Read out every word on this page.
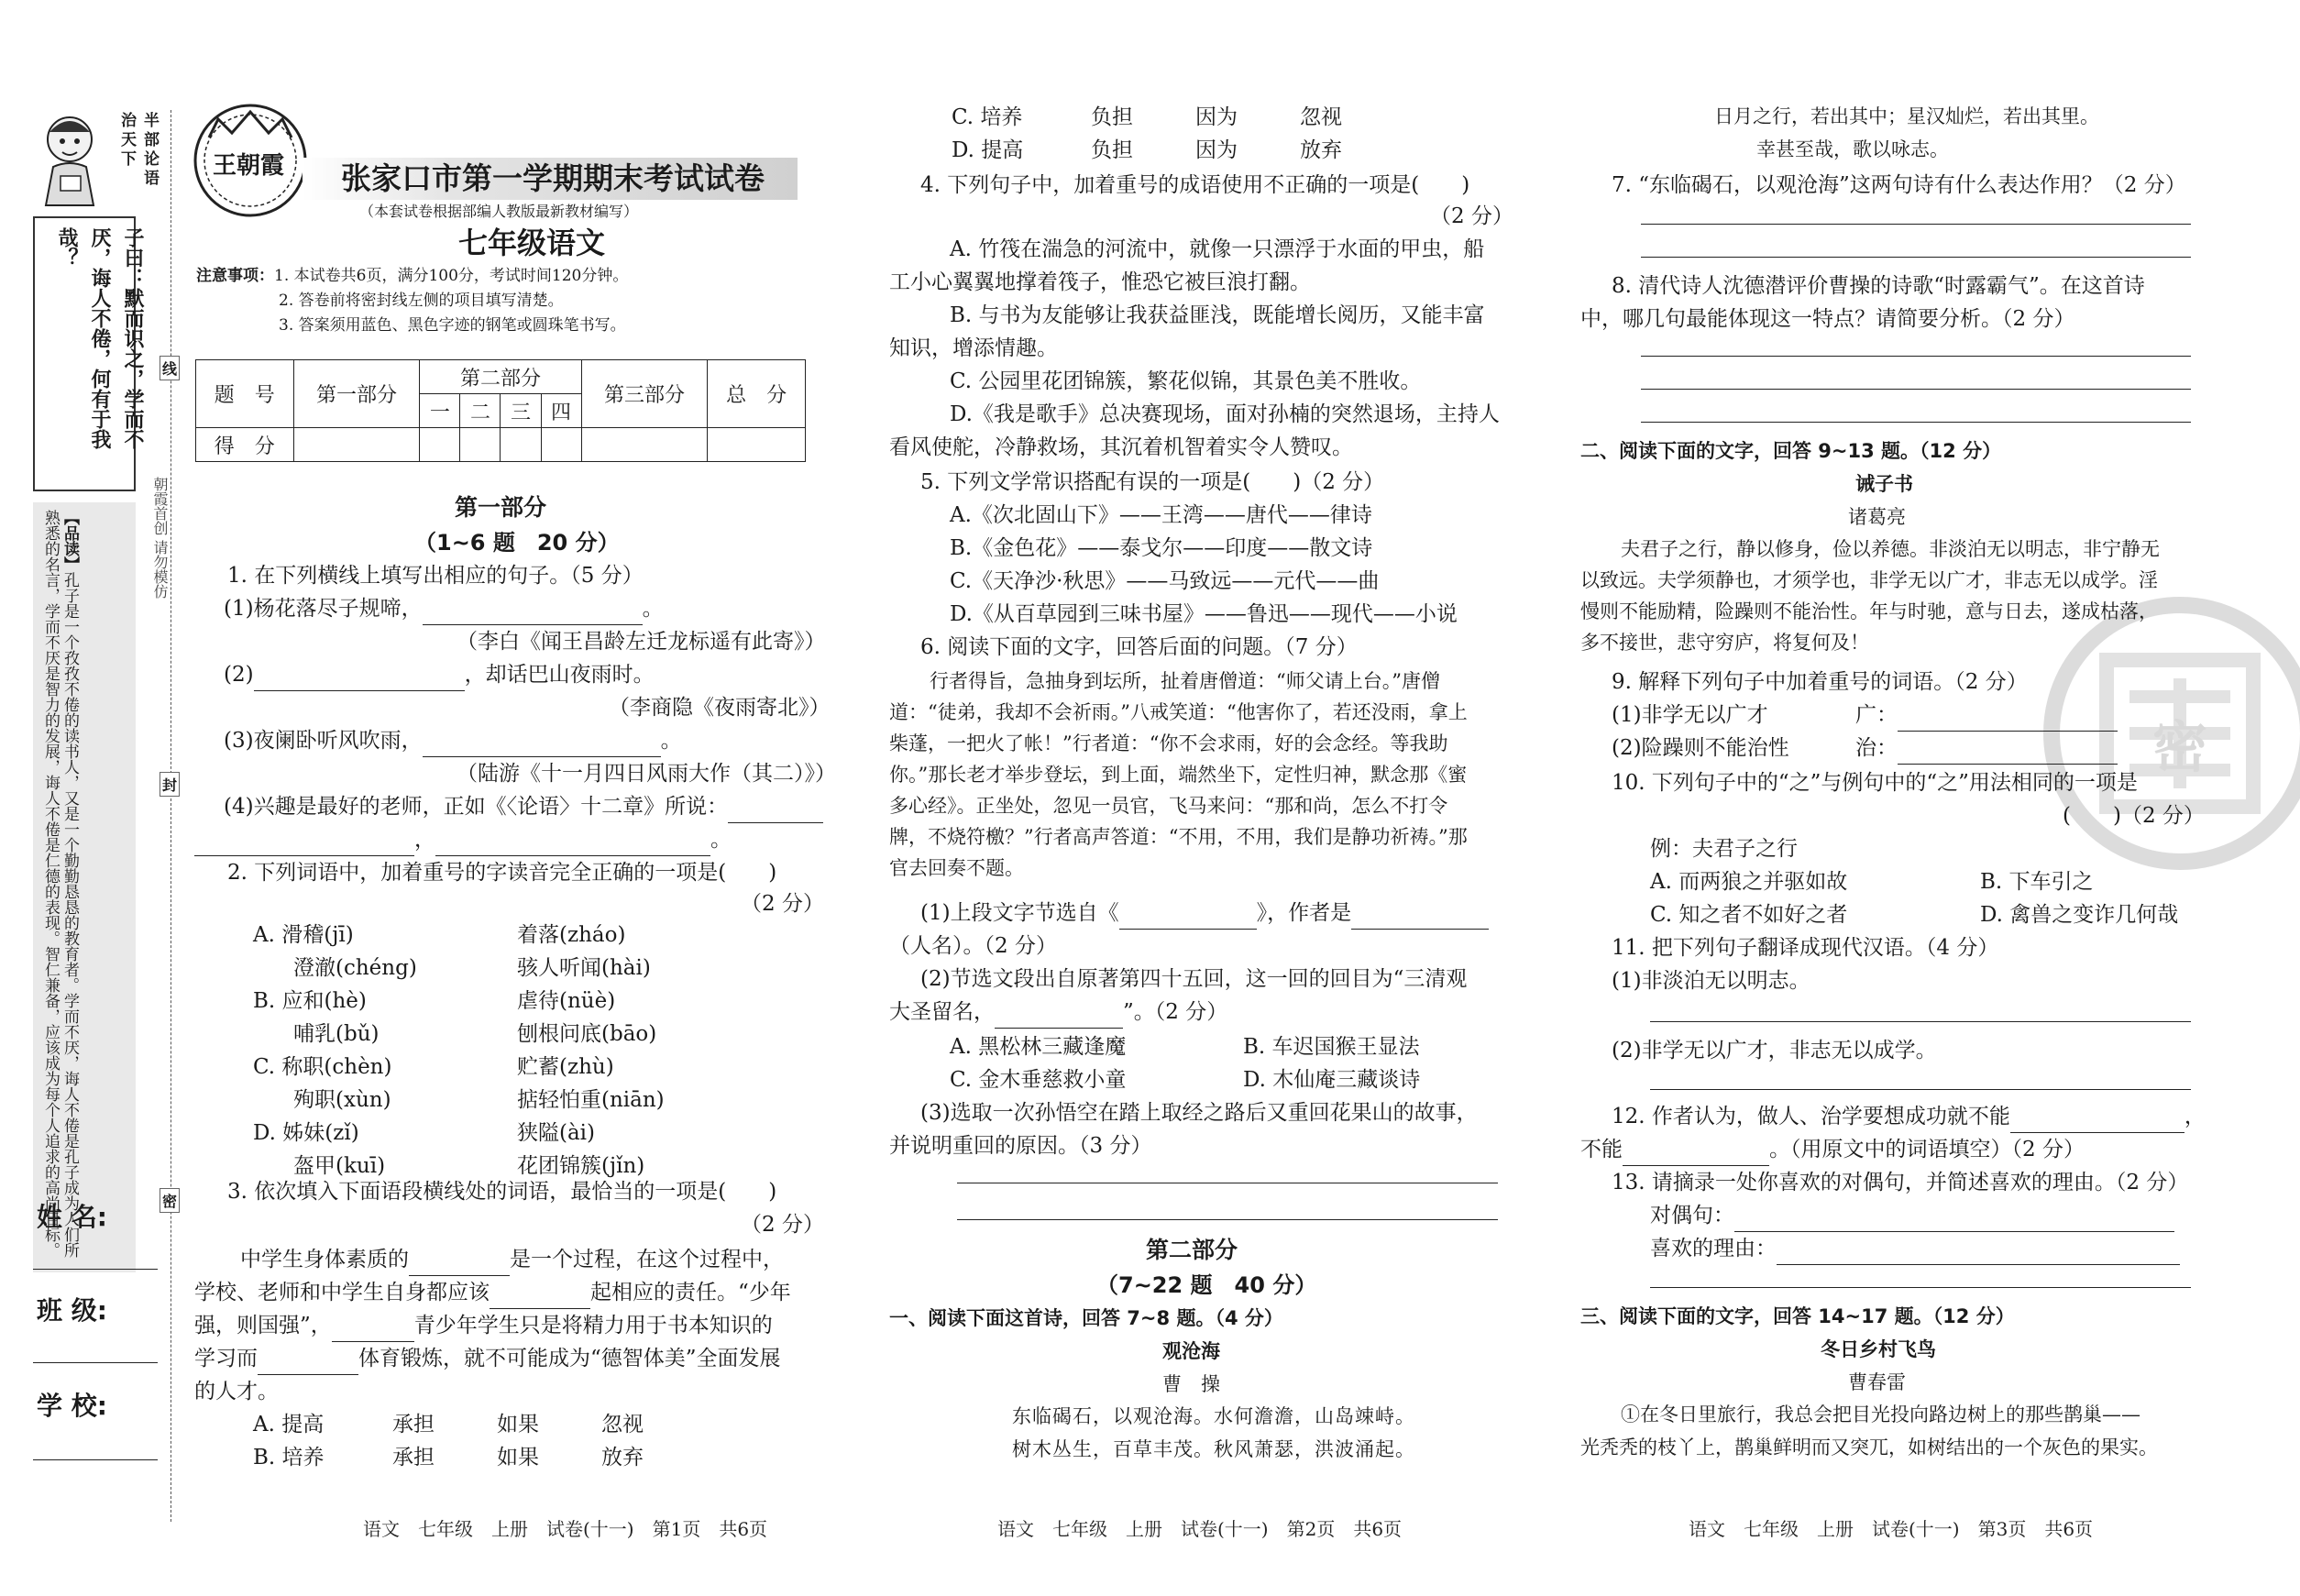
半部论语 治天下
子曰：默而识之，学而不厌，诲人不倦，何有于我哉？
【品读】孔子是一个孜孜不倦的读书人，又是一个勤勤恳恳的教育者。学而不厌，诲人不倦是孔子成为人们所熟悉的名言，学而不厌是智力的发展，诲人不倦是仁德的表现。智仁兼备，应该成为每个人追求的高尚目标。
线
封
密
朝霞首创 请勿模仿
姓 名:
班 级:
学 校:
王朝霞 张家口市第一学期期末考试试卷
（本套试卷根据部编人教版最新教材编写）
七年级语文
注意事项：1. 本试卷共6页，满分100分，考试时间120分钟。
2. 答卷前将密封线左侧的项目填写清楚。
3. 答案须用蓝色、黑色字迹的钢笔或圆珠笔书写。
题　号	第一部分	第二部分				第三部分	总　分
		一	二	三	四		
得　分							
第一部分
（1~6 题　20 分）
1. 在下列横线上填写出相应的句子。（5 分）
(1)杨花落尽子规啼，	。
（李白《闻王昌龄左迁龙标遥有此寄》）
(2)	，却话巴山夜雨时。
（李商隐《夜雨寄北》）
(3)夜阑卧听风吹雨，	。
（陆游《十一月四日风雨大作（其二）》）
(4)兴趣是最好的老师，正如《〈论语〉十二章》所说：
，	。
2. 下列词语中，加着重号的字读音完全正确的一项是(　　)
（2 分）
A. 滑稽(jī)	着落(zháo)
澄澈(chéng)	骇人听闻(hài)
B. 应和(hè)	虐待(nüè)
哺乳(bǔ)	刨根问底(bāo)
C. 称职(chèn)	贮蓄(zhù)
殉职(xùn)	掂轻怕重(niān)
D. 姊妹(zǐ)	狭隘(ài)
盔甲(kuī)	花团锦簇(jǐn)
3. 依次填入下面语段横线处的词语，最恰当的一项是(　　)
（2 分）
中学生身体素质的	是一个过程，在这个过程中，
学校、老师和中学生自身都应该	起相应的责任。“少年
强，则国强”，	青少年学生只是将精力用于书本知识的
学习而	体育锻炼，就不可能成为“德智体美”全面发展
的人才。
A. 提高	承担	如果	忽视
B. 培养	承担	如果	放弃
语文　七年级　上册　试卷(十一)　第1页　共6页
C. 培养	负担	因为	忽视
D. 提高	负担	因为	放弃
4. 下列句子中，加着重号的成语使用不正确的一项是(　　)
（2 分）
A. 竹筏在湍急的河流中，就像一只漂浮于水面的甲虫，船
工小心翼翼地撑着筏子，惟恐它被巨浪打翻。
B. 与书为友能够让我获益匪浅，既能增长阅历，又能丰富
知识，增添情趣。
C. 公园里花团锦簇，繁花似锦，其景色美不胜收。
D.《我是歌手》总决赛现场，面对孙楠的突然退场，主持人
看风使舵，冷静救场，其沉着机智着实令人赞叹。
5. 下列文学常识搭配有误的一项是(　　)（2 分）
A.《次北固山下》——王湾——唐代——律诗
B.《金色花》——泰戈尔——印度——散文诗
C.《天净沙·秋思》——马致远——元代——曲
D.《从百草园到三味书屋》——鲁迅——现代——小说
6. 阅读下面的文字，回答后面的问题。（7 分）
行者得旨，急抽身到坛所，扯着唐僧道：“师父请上台。”唐僧
道：“徒弟，我却不会祈雨。”八戒笑道：“他害你了，若还没雨，拿上
柴蓬，一把火了帐！”行者道：“你不会求雨，好的会念经。等我助
你。”那长老才举步登坛，到上面，端然坐下，定性归神，默念那《蜜
多心经》。正坐处，忽见一员官，飞马来问：“那和尚，怎么不打令
牌，不烧符檄？”行者高声答道：“不用，不用，我们是静功祈祷。”那
官去回奏不题。
(1)上段文字节选自《	》，作者是
（人名）。（2 分）
(2)节选文段出自原著第四十五回，这一回的回目为“三清观
大圣留名，	”。（2 分）
A. 黑松林三藏逢魔	B. 车迟国猴王显法
C. 金木垂慈救小童	D. 木仙庵三藏谈诗
(3)选取一次孙悟空在踏上取经之路后又重回花果山的故事，
并说明重回的原因。（3 分）
第二部分
（7~22 题　40 分）
一、阅读下面这首诗，回答 7~8 题。（4 分）
观沧海
曹　操
东临碣石，以观沧海。水何澹澹，山岛竦峙。
树木丛生，百草丰茂。秋风萧瑟，洪波涌起。
语文　七年级　上册　试卷(十一)　第2页　共6页
密
日月之行，若出其中；星汉灿烂，若出其里。
幸甚至哉，歌以咏志。
7. “东临碣石，以观沧海”这两句诗有什么表达作用？（2 分）
8. 清代诗人沈德潜评价曹操的诗歌“时露霸气”。在这首诗
中，哪几句最能体现这一特点？请简要分析。（2 分）
二、阅读下面的文字，回答 9~13 题。（12 分）
诫子书
诸葛亮
夫君子之行，静以修身，俭以养德。非淡泊无以明志，非宁静无
以致远。夫学须静也，才须学也，非学无以广才，非志无以成学。淫
慢则不能励精，险躁则不能治性。年与时驰，意与日去，遂成枯落，
多不接世，悲守穷庐，将复何及！
9. 解释下列句子中加着重号的词语。（2 分）
(1)非学无以广才	广：
(2)险躁则不能治性	治：
10. 下列句子中的“之”与例句中的“之”用法相同的一项是
(　　)（2 分）
例：夫君子之行
A. 而两狼之并驱如故	B. 下车引之
C. 知之者不如好之者	D. 禽兽之变诈几何哉
11. 把下列句子翻译成现代汉语。（4 分）
(1)非淡泊无以明志。
(2)非学无以广才，非志无以成学。
12. 作者认为，做人、治学要想成功就不能	，
不能	。（用原文中的词语填空）（2 分）
13. 请摘录一处你喜欢的对偶句，并简述喜欢的理由。（2 分）
对偶句：
喜欢的理由：
三、阅读下面的文字，回答 14~17 题。（12 分）
冬日乡村飞鸟
曹春雷
①在冬日里旅行，我总会把目光投向路边树上的那些鹊巢——
光秃秃的枝丫上，鹊巢鲜明而又突兀，如树结出的一个灰色的果实。
语文　七年级　上册　试卷(十一)　第3页　共6页
